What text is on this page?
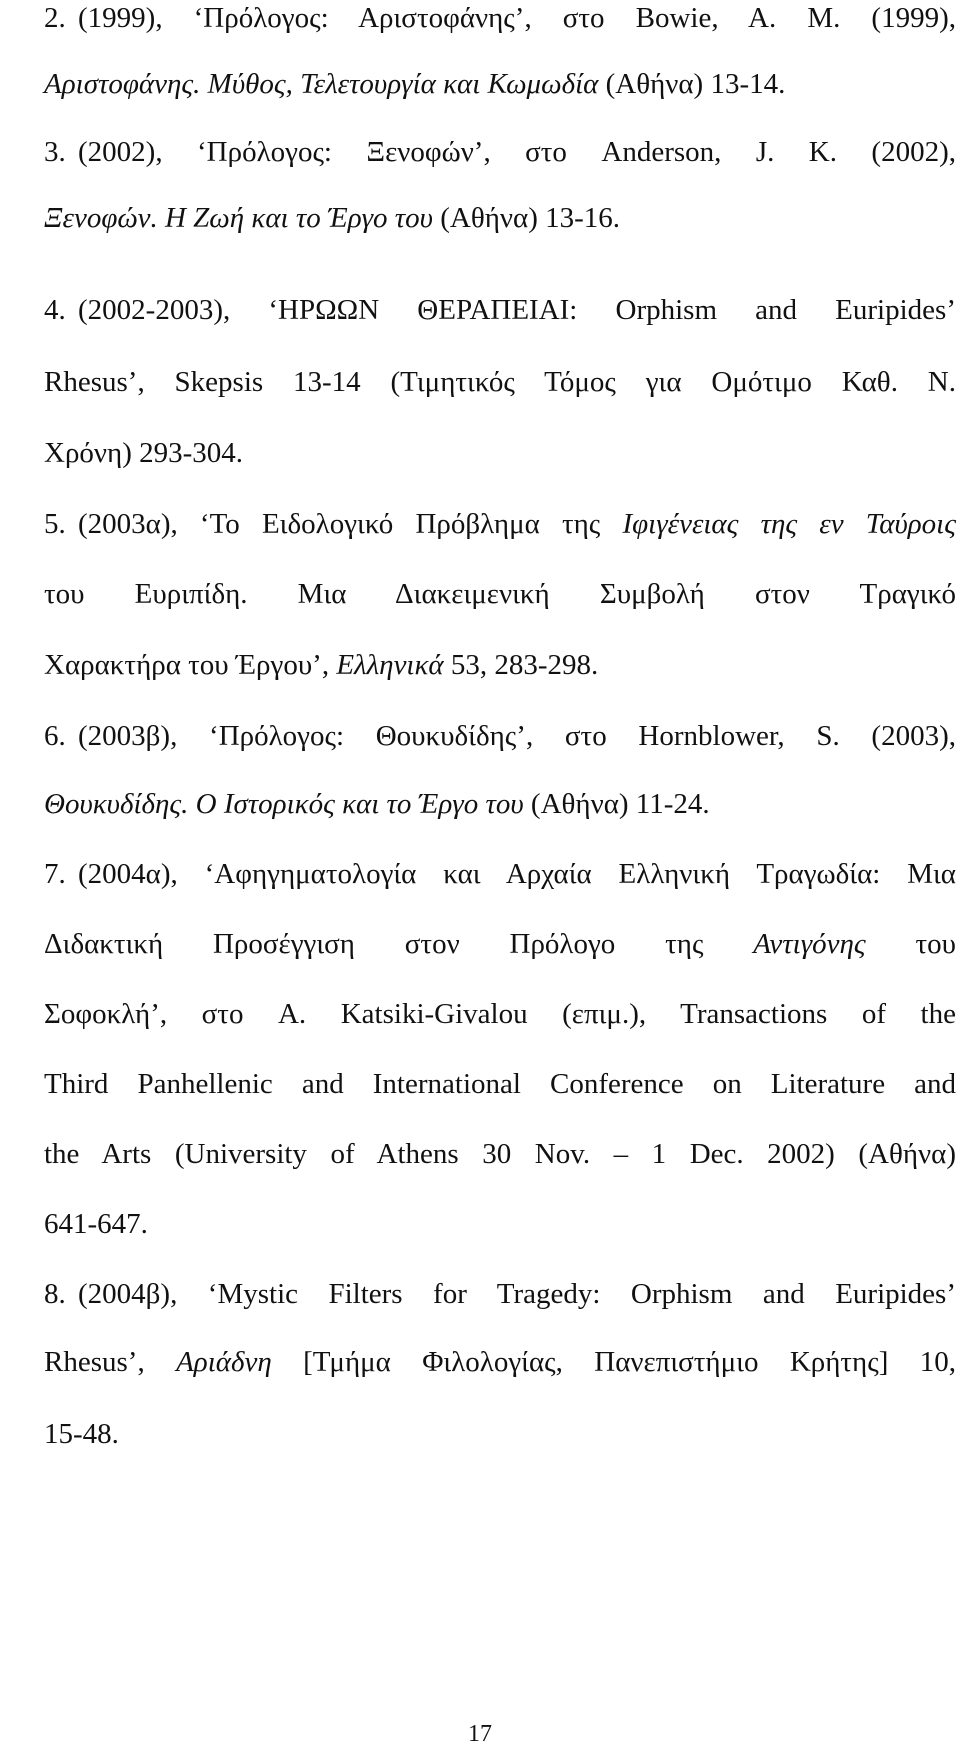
2. (1999), ‘Πρόλογος: Αριστοφάνης’, στο Bowie, A. M. (1999),
Αριστοφάνης. Μύθος, Τελετουργία και Κωμωδία (Αθήνα) 13-14.
3. (2002), ‘Πρόλογος: Ξενοφών’, στο Anderson, J. K. (2002),
Ξενοφών. Η Ζωή και το Έργο του (Αθήνα) 13-16.
4. (2002-2003), ‘ΗΡΩΩΝ ΘΕΡΑΠΕΙΑΙ: Orphism and Euripides’
Rhesus’, Skepsis 13-14 (Τιμητικός Τόμος για Ομότιμο Καθ. Ν.
Χρόνη) 293-304.
5. (2003α), ‘Το Ειδολογικό Πρόβλημα της Ιφιγένειας της εν Ταύροις
του Ευριπίδη. Μια Διακειμενική Συμβολή στον Τραγικό
Χαρακτήρα του Έργου’, Ελληνικά 53, 283-298.
6. (2003β), ‘Πρόλογος: Θουκυδίδης’, στο Hornblower, S. (2003),
Θουκυδίδης. Ο Ιστορικός και το Έργο του (Αθήνα) 11-24.
7. (2004α), ‘Αφηγηματολογία και Αρχαία Ελληνική Τραγωδία: Μια
Διδακτική Προσέγγιση στον Πρόλογο της Αντιγόνης του
Σοφοκλή’, στο A. Katsiki-Givalou (επιμ.), Transactions of the
Third Panhellenic and International Conference on Literature and
the Arts (University of Athens 30 Nov. – 1 Dec. 2002) (Αθήνα)
641-647.
8. (2004β), ‘Mystic Filters for Tragedy: Orphism and Euripides’
Rhesus’, Αριάδνη [Τμήμα Φιλολογίας, Πανεπιστήμιο Κρήτης] 10,
15-48.
17
